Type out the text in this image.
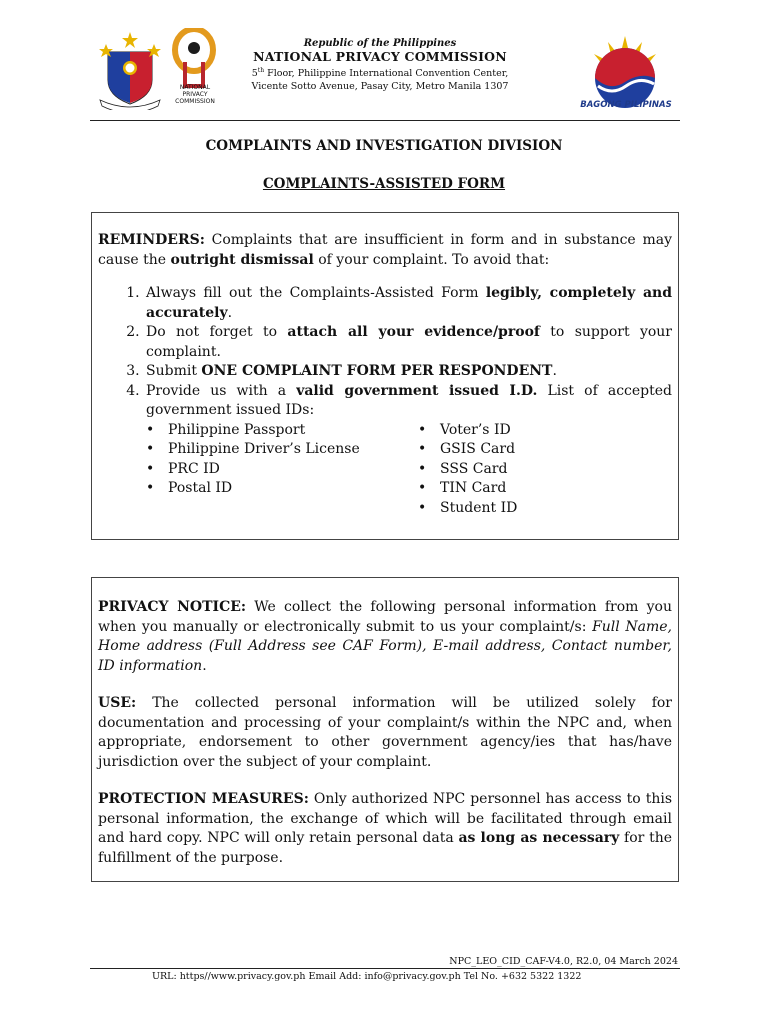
NATIONAL
PRIVACY
COMMISSION
Republic of the Philippines
NATIONAL PRIVACY COMMISSION
5th Floor, Philippine International Convention Center,
Vicente Sotto Avenue, Pasay City, Metro Manila 1307
BAGONG PILIPINAS
COMPLAINTS AND INVESTIGATION DIVISION
COMPLAINTS-ASSISTED FORM
REMINDERS: Complaints that are insufficient in form and in substance may cause the outright dismissal of your complaint. To avoid that:
1. Always fill out the Complaints-Assisted Form legibly, completely and accurately.
2. Do not forget to attach all your evidence/proof to support your complaint.
3. Submit ONE COMPLAINT FORM PER RESPONDENT.
4. Provide us with a valid government issued I.D. List of accepted government issued IDs:
• Philippine Passport
• Philippine Driver’s License
• PRC ID
• Postal ID
• Voter’s ID
• GSIS Card
• SSS Card
• TIN Card
• Student ID

PRIVACY NOTICE: We collect the following personal information from you when you manually or electronically submit to us your complaint/s: Full Name, Home address (Full Address see CAF Form), E-mail address, Contact number, ID information.

USE: The collected personal information will be utilized solely for documentation and processing of your complaint/s within the NPC and, when appropriate, endorsement to other government agency/ies that has/have jurisdiction over the subject of your complaint.

PROTECTION MEASURES: Only authorized NPC personnel has access to this personal information, the exchange of which will be facilitated through email and hard copy. NPC will only retain personal data as long as necessary for the fulfillment of the purpose.

NPC_LEO_CID_CAF-V4.0, R2.0, 04 March 2024
URL: https//www.privacy.gov.ph Email Add: info@privacy.gov.ph Tel No. +632 5322 1322
